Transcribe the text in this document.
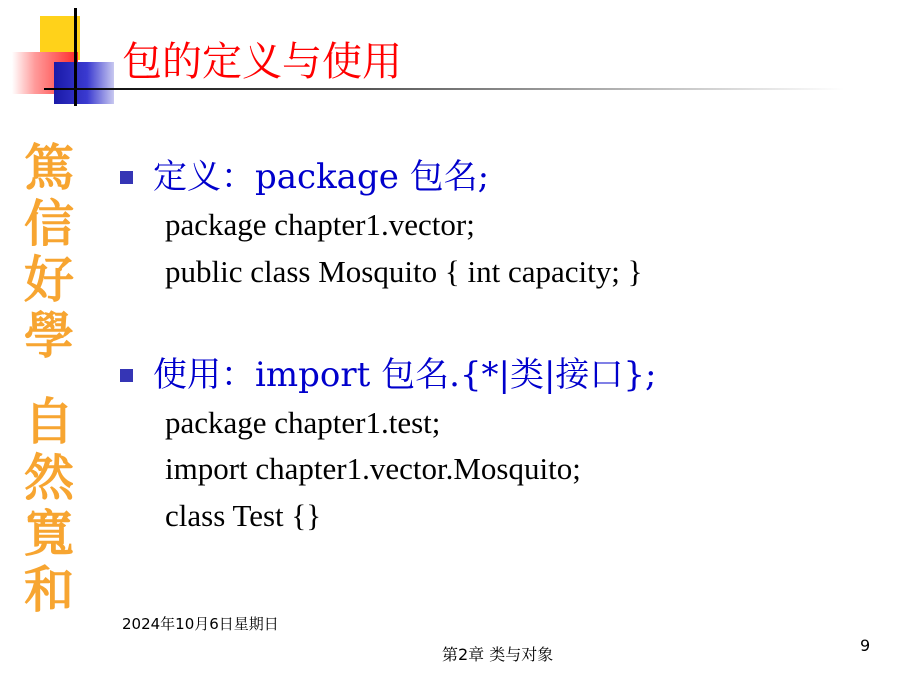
包的定义与使用
篤
信
好
學
自
然
寬
和
定义：package 包名;

package chapter1.vector;

public class Mosquito { int capacity; }

使用：import 包名.{*|类|接口};

package chapter1.test;

import chapter1.vector.Mosquito;

class Test {}

2024年10月6日星期日
第2章 类与对象	9
